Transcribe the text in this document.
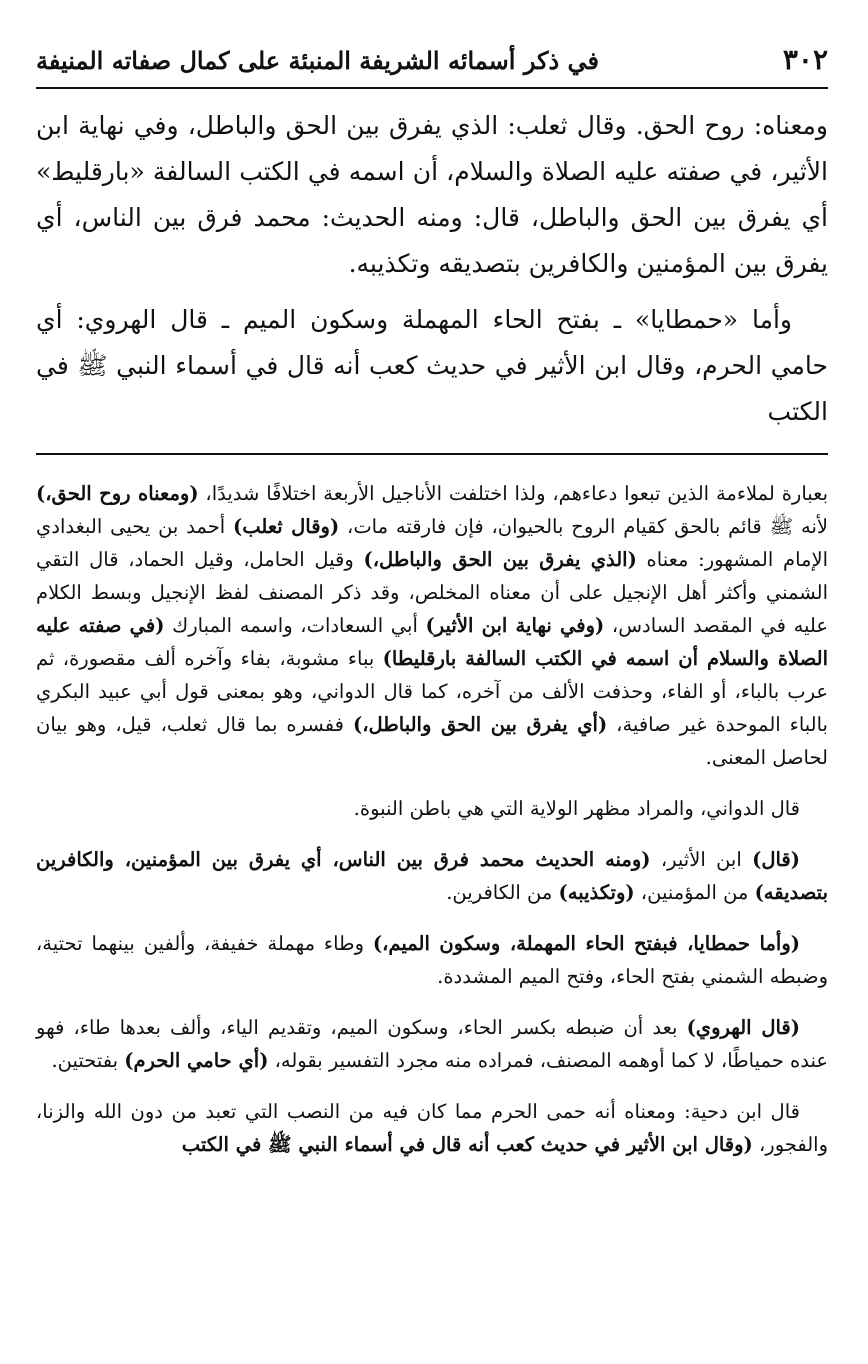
٣٠٢
في ذكر أسمائه الشريفة المنبئة على كمال صفاته المنيفة

ومعناه: روح الحق. وقال ثعلب: الذي يفرق بين الحق والباطل، وفي نهاية ابن الأثير، في صفته عليه الصلاة والسلام، أن اسمه في الكتب السالفة «بارقليط» أي يفرق بين الحق والباطل، قال: ومنه الحديث: محمد فرق بين الناس، أي يفرق بين المؤمنين والكافرين بتصديقه وتكذيبه.

وأما «حمطايا» ـ بفتح الحاء المهملة وسكون الميم ـ قال الهروي: أي حامي الحرم، وقال ابن الأثير في حديث كعب أنه قال في أسماء النبي ﷺ في الكتب

بعبارة لملاءمة الذين تبعوا دعاءهم، ولذا اختلفت الأناجيل الأربعة اختلافًا شديدًا، (ومعناه روح الحق،) لأنه ﷺ قائم بالحق كقيام الروح بالحيوان، فإن فارقته مات، (وقال ثعلب) أحمد بن يحيى البغدادي الإمام المشهور: معناه (الذي يفرق بين الحق والباطل،) وقيل الحامل، وقيل الحماد، قال التقي الشمني وأكثر أهل الإنجيل على أن معناه المخلص، وقد ذكر المصنف لفظ الإنجيل وبسط الكلام عليه في المقصد السادس، (وفي نهاية ابن الأثير) أبي السعادات، واسمه المبارك (في صفته عليه الصلاة والسلام أن اسمه في الكتب السالفة بارقليطا) بباء مشوبة، بفاء وآخره ألف مقصورة، ثم عرب بالباء، أو الفاء، وحذفت الألف من آخره، كما قال الدواني، وهو بمعنى قول أبي عبيد البكري بالباء الموحدة غير صافية، (أي يفرق بين الحق والباطل،) ففسره بما قال ثعلب، قيل، وهو بيان لحاصل المعنى.

قال الدواني، والمراد مظهر الولاية التي هي باطن النبوة.

(قال) ابن الأثير، (ومنه الحديث محمد فرق بين الناس، أي يفرق بين المؤمنين، والكافرين بتصديقه) من المؤمنين، (وتكذيبه) من الكافرين.

(وأما حمطايا، فبفتح الحاء المهملة، وسكون الميم،) وطاء مهملة خفيفة، وألفين بينهما تحتية، وضبطه الشمني بفتح الحاء، وفتح الميم المشددة.

(قال الهروي) بعد أن ضبطه بكسر الحاء، وسكون الميم، وتقديم الياء، وألف بعدها طاء، فهو عنده حمياطًا، لا كما أوهمه المصنف، فمراده منه مجرد التفسير بقوله، (أي حامي الحرم) بفتحتين.

قال ابن دحية: ومعناه أنه حمى الحرم مما كان فيه من النصب التي تعبد من دون الله والزنا، والفجور، (وقال ابن الأثير في حديث كعب أنه قال في أسماء النبي ﷺ في الكتب
